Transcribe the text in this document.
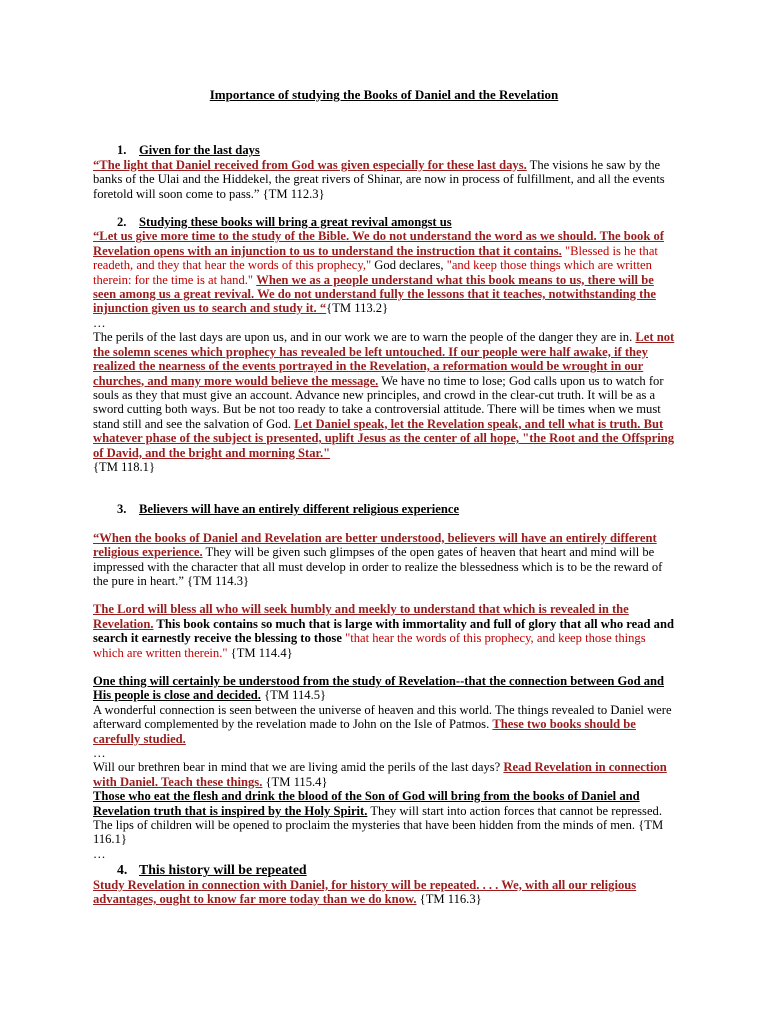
Importance of studying the Books of Daniel and the Revelation
1. Given for the last days

“The light that Daniel received from God was given especially for these last days. The visions he saw by the banks of the Ulai and the Hiddekel, the great rivers of Shinar, are now in process of fulfillment, and all the events foretold will soon come to pass.” {TM 112.3}

2. Studying these books will bring a great revival amongst us

“Let us give more time to the study of the Bible. We do not understand the word as we should. The book of Revelation opens with an injunction to us to understand the instruction that it contains. "Blessed is he that readeth, and they that hear the words of this prophecy," God declares, "and keep those things which are written therein: for the time is at hand." When we as a people understand what this book means to us, there will be seen among us a great revival. We do not understand fully the lessons that it teaches, notwithstanding the injunction given us to search and study it. “{TM 113.2}

…

The perils of the last days are upon us, and in our work we are to warn the people of the danger they are in. Let not the solemn scenes which prophecy has revealed be left untouched. If our people were half awake, if they realized the nearness of the events portrayed in the Revelation, a reformation would be wrought in our churches, and many more would believe the message. We have no time to lose; God calls upon us to watch for souls as they that must give an account. Advance new principles, and crowd in the clear-cut truth. It will be as a sword cutting both ways. But be not too ready to take a controversial attitude. There will be times when we must stand still and see the salvation of God. Let Daniel speak, let the Revelation speak, and tell what is truth. But whatever phase of the subject is presented, uplift Jesus as the center of all hope, "the Root and the Offspring of David, and the bright and morning Star."

{TM 118.1}

3. Believers will have an entirely different religious experience

“When the books of Daniel and Revelation are better understood, believers will have an entirely different religious experience. They will be given such glimpses of the open gates of heaven that heart and mind will be impressed with the character that all must develop in order to realize the blessedness which is to be the reward of the pure in heart.” {TM 114.3}

The Lord will bless all who will seek humbly and meekly to understand that which is revealed in the Revelation. This book contains so much that is large with immortality and full of glory that all who read and search it earnestly receive the blessing to those "that hear the words of this prophecy, and keep those things which are written therein." {TM 114.4}

One thing will certainly be understood from the study of Revelation--that the connection between God and His people is close and decided. {TM 114.5}

A wonderful connection is seen between the universe of heaven and this world. The things revealed to Daniel were afterward complemented by the revelation made to John on the Isle of Patmos. These two books should be carefully studied.

…

Will our brethren bear in mind that we are living amid the perils of the last days? Read Revelation in connection with Daniel. Teach these things. {TM 115.4}

Those who eat the flesh and drink the blood of the Son of God will bring from the books of Daniel and Revelation truth that is inspired by the Holy Spirit. They will start into action forces that cannot be repressed. The lips of children will be opened to proclaim the mysteries that have been hidden from the minds of men. {TM 116.1}

…

4. This history will be repeated

Study Revelation in connection with Daniel, for history will be repeated. . . . We, with all our religious advantages, ought to know far more today than we do know. {TM 116.3}
